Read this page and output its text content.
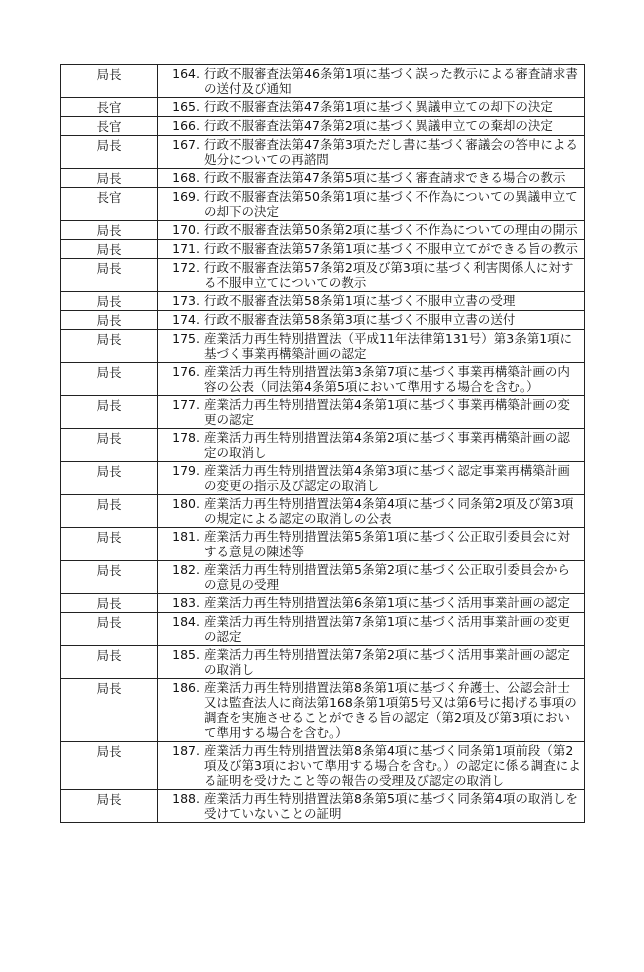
局長	164. 行政不服審査法第46条第1項に基づく誤った教示による審査請求書の送付及び通知

長官	165. 行政不服審査法第47条第1項に基づく異議申立ての却下の決定

長官	166. 行政不服審査法第47条第2項に基づく異議申立ての棄却の決定

局長	167. 行政不服審査法第47条第3項ただし書に基づく審議会の答申による処分についての再諮問

局長	168. 行政不服審査法第47条第5項に基づく審査請求できる場合の教示

長官	169. 行政不服審査法第50条第1項に基づく不作為についての異議申立ての却下の決定

局長	170. 行政不服審査法第50条第2項に基づく不作為についての理由の開示

局長	171. 行政不服審査法第57条第1項に基づく不服申立てができる旨の教示

局長	172. 行政不服審査法第57条第2項及び第3項に基づく利害関係人に対する不服申立てについての教示

局長	173. 行政不服審査法第58条第1項に基づく不服申立書の受理

局長	174. 行政不服審査法第58条第3項に基づく不服申立書の送付

局長	175. 産業活力再生特別措置法（平成11年法律第131号）第3条第1項に基づく事業再構築計画の認定

局長	176. 産業活力再生特別措置法第3条第7項に基づく事業再構築計画の内容の公表（同法第4条第5項において準用する場合を含む。）

局長	177. 産業活力再生特別措置法第4条第1項に基づく事業再構築計画の変更の認定

局長	178. 産業活力再生特別措置法第4条第2項に基づく事業再構築計画の認定の取消し

局長	179. 産業活力再生特別措置法第4条第3項に基づく認定事業再構築計画の変更の指示及び認定の取消し

局長	180. 産業活力再生特別措置法第4条第4項に基づく同条第2項及び第3項の規定による認定の取消しの公表

局長	181. 産業活力再生特別措置法第5条第1項に基づく公正取引委員会に対する意見の陳述等

局長	182. 産業活力再生特別措置法第5条第2項に基づく公正取引委員会からの意見の受理

局長	183. 産業活力再生特別措置法第6条第1項に基づく活用事業計画の認定

局長	184. 産業活力再生特別措置法第7条第1項に基づく活用事業計画の変更の認定

局長	185. 産業活力再生特別措置法第7条第2項に基づく活用事業計画の認定の取消し

局長	186. 産業活力再生特別措置法第8条第1項に基づく弁護士、公認会計士又は監査法人に商法第168条第1項第5号又は第6号に掲げる事項の調査を実施させることができる旨の認定（第2項及び第3項において準用する場合を含む。）

局長	187. 産業活力再生特別措置法第8条第4項に基づく同条第1項前段（第2項及び第3項において準用する場合を含む。）の認定に係る調査による証明を受けたこと等の報告の受理及び認定の取消し

局長	188. 産業活力再生特別措置法第8条第5項に基づく同条第4項の取消しを受けていないことの証明
